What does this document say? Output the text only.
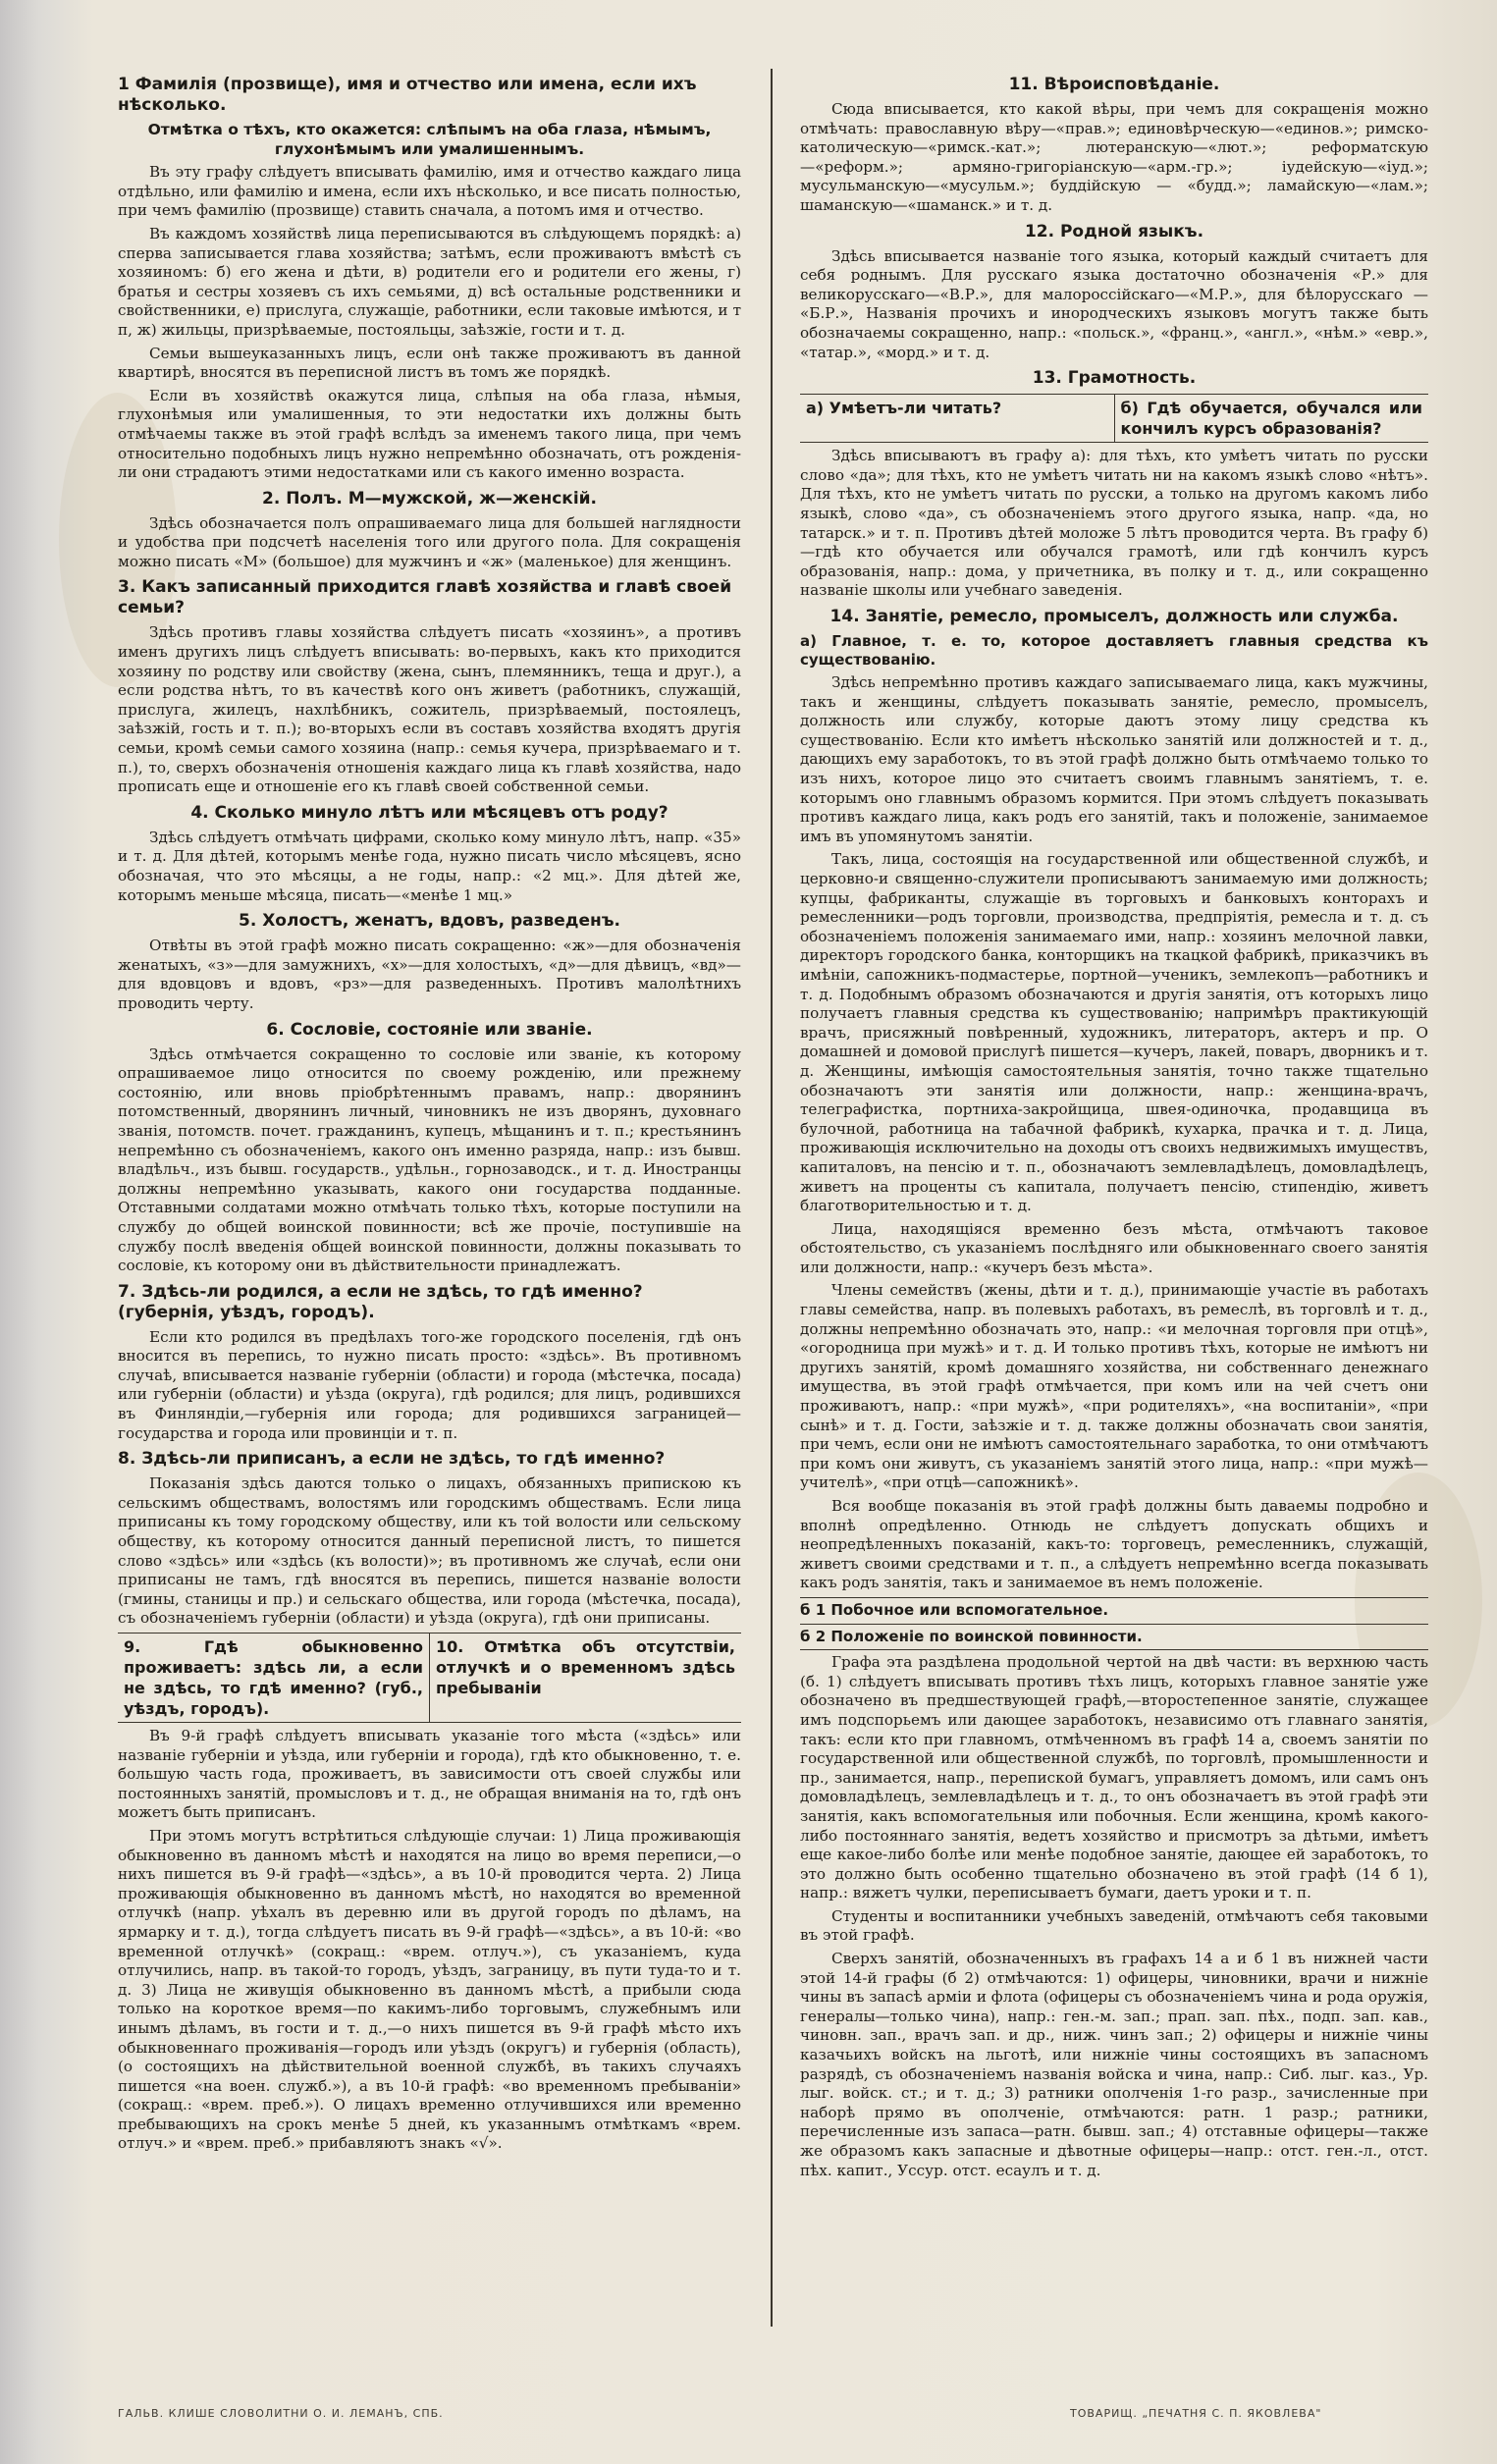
1 Фамилія (прозвище), имя и отчество или имена, если ихъ нѣсколько.

Отмѣтка о тѣхъ, кто окажется: слѣпымъ на оба глаза, нѣмымъ, глухонѣмымъ или умалишеннымъ.

Въ эту графу слѣдуетъ вписывать фамилію, имя и отчество каждаго лица отдѣльно, или фамилію и имена, если ихъ нѣсколько, и все писать полностью, при чемъ фамилію (прозвище) ставить сначала, а потомъ имя и отчество.

Въ каждомъ хозяйствѣ лица переписываются въ слѣдующемъ порядкѣ: а) сперва записывается глава хозяйства; затѣмъ, если проживаютъ вмѣстѣ съ хозяиномъ: б) его жена и дѣти, в) родители его и родители его жены, г) братья и сестры хозяевъ съ ихъ семьями, д) всѣ остальные родственники и свойственники, е) прислуга, служащіе, работники, если таковые имѣются, и т п, ж) жильцы, призрѣваемые, постояльцы, заѣзжіе, гости и т. д.

Семьи вышеуказанныхъ лицъ, если онѣ также проживаютъ въ данной квартирѣ, вносятся въ переписной листъ въ томъ же порядкѣ.

Если въ хозяйствѣ окажутся лица, слѣпыя на оба глаза, нѣмыя, глухонѣмыя или умалишенныя, то эти недостатки ихъ должны быть отмѣчаемы также въ этой графѣ вслѣдъ за именемъ такого лица, при чемъ относительно подобныхъ лицъ нужно непремѣнно обозначать, отъ рожденія-ли они страдаютъ этими недостатками или съ какого именно возраста.

2. Полъ. М—мужской, ж—женскій.

Здѣсь обозначается полъ опрашиваемаго лица для большей наглядности и удобства при подсчетѣ населенія того или другого пола. Для сокращенія можно писать «М» (большое) для мужчинъ и «ж» (маленькое) для женщинъ.

3. Какъ записанный приходится главѣ хозяйства и главѣ своей семьи?

Здѣсь противъ главы хозяйства слѣдуетъ писать «хозяинъ», а противъ именъ другихъ лицъ слѣдуетъ вписывать: во-первыхъ, какъ кто приходится хозяину по родству или свойству (жена, сынъ, племянникъ, теща и друг.), а если родства нѣтъ, то въ качествѣ кого онъ живетъ (работникъ, служащій, прислуга, жилецъ, нахлѣбникъ, сожитель, призрѣваемый, постоялецъ, заѣзжій, гость и т. п.); во-вторыхъ если въ составъ хозяйства входятъ другія семьи, кромѣ семьи самого хозяина (напр.: семья кучера, призрѣваемаго и т. п.), то, сверхъ обозначенія отношенія каждаго лица къ главѣ хозяйства, надо прописать еще и отношеніе его къ главѣ своей собственной семьи.

4. Сколько минуло лѣтъ или мѣсяцевъ отъ роду?

Здѣсь слѣдуетъ отмѣчать цифрами, сколько кому минуло лѣтъ, напр. «35» и т. д. Для дѣтей, которымъ менѣе года, нужно писать число мѣсяцевъ, ясно обозначая, что это мѣсяцы, а не годы, напр.: «2 мц.». Для дѣтей же, которымъ меньше мѣсяца, писать—«менѣе 1 мц.»

5. Холостъ, женатъ, вдовъ, разведенъ.

Отвѣты въ этой графѣ можно писать сокращенно: «ж»—для обозначенія женатыхъ, «з»—для замужнихъ, «х»—для холостыхъ, «д»—для дѣвицъ, «вд»—для вдовцовъ и вдовъ, «рз»—для разведенныхъ. Противъ малолѣтнихъ проводить черту.

6. Сословіе, состояніе или званіе.

Здѣсь отмѣчается сокращенно то сословіе или званіе, къ которому опрашиваемое лицо относится по своему рожденію, или прежнему состоянію, или вновь пріобрѣтеннымъ правамъ, напр.: дворянинъ потомственный, дворянинъ личный, чиновникъ не изъ дворянъ, духовнаго званія, потомств. почет. гражданинъ, купецъ, мѣщанинъ и т. п.; крестьянинъ непремѣнно съ обозначеніемъ, какого онъ именно разряда, напр.: изъ бывш. владѣльч., изъ бывш. государств., удѣльн., горнозаводск., и т. д. Иностранцы должны непремѣнно указывать, какого они государства подданные. Отставными солдатами можно отмѣчать только тѣхъ, которые поступили на службу до общей воинской повинности; всѣ же прочіе, поступившіе на службу послѣ введенія общей воинской повинности, должны показывать то сословіе, къ которому они въ дѣйствительности принадлежатъ.

7. Здѣсь-ли родился, а если не здѣсь, то гдѣ именно? (губернія, уѣздъ, городъ).

Если кто родился въ предѣлахъ того-же городского поселенія, гдѣ онъ вносится въ перепись, то нужно писать просто: «здѣсь». Въ противномъ случаѣ, вписывается названіе губерніи (области) и города (мѣстечка, посада) или губерніи (области) и уѣзда (округа), гдѣ родился; для лицъ, родившихся въ Финляндіи,—губернія или города; для родившихся заграницей—государства и города или провинціи и т. п.

8. Здѣсь-ли приписанъ, а если не здѣсь, то гдѣ именно?

Показанія здѣсь даются только о лицахъ, обязанныхъ припискою къ сельскимъ обществамъ, волостямъ или городскимъ обществамъ. Если лица приписаны къ тому городскому обществу, или къ той волости или сельскому обществу, къ которому относится данный переписной листъ, то пишется слово «здѣсь» или «здѣсь (къ волости)»; въ противномъ же случаѣ, если они приписаны не тамъ, гдѣ вносятся въ перепись, пишется названіе волости (гмины, станицы и пр.) и сельскаго общества, или города (мѣстечка, посада), съ обозначеніемъ губерніи (области) и уѣзда (округа), гдѣ они приписаны.

9. Гдѣ обыкновенно проживаетъ: здѣсь ли, а если не здѣсь, то гдѣ именно? (губ., уѣздъ, городъ).
10. Отмѣтка объ отсутствіи, отлучкѣ и о временномъ здѣсь пребываніи

Въ 9-й графѣ слѣдуетъ вписывать указаніе того мѣста («здѣсь» или названіе губерніи и уѣзда, или губерніи и города), гдѣ кто обыкновенно, т. е. большую часть года, проживаетъ, въ зависимости отъ своей службы или постоянныхъ занятій, промысловъ и т. д., не обращая вниманія на то, гдѣ онъ можетъ быть приписанъ.

При этомъ могутъ встрѣтиться слѣдующіе случаи: 1) Лица проживающія обыкновенно въ данномъ мѣстѣ и находятся на лицо во время переписи,—о нихъ пишется въ 9-й графѣ—«здѣсь», а въ 10-й проводится черта. 2) Лица проживающія обыкновенно въ данномъ мѣстѣ, но находятся во временной отлучкѣ (напр. уѣхалъ въ деревню или въ другой городъ по дѣламъ, на ярмарку и т. д.), тогда слѣдуетъ писать въ 9-й графѣ—«здѣсь», а въ 10-й: «во временной отлучкѣ» (сокращ.: «врем. отлуч.»), съ указаніемъ, куда отлучились, напр. въ такой-то городъ, уѣздъ, заграницу, въ пути туда-то и т. д. 3) Лица не живущія обыкновенно въ данномъ мѣстѣ, а прибыли сюда только на короткое время—по какимъ-либо торговымъ, служебнымъ или инымъ дѣламъ, въ гости и т. д.,—о нихъ пишется въ 9-й графѣ мѣсто ихъ обыкновеннаго проживанія—городъ или уѣздъ (округъ) и губернія (область), (о состоящихъ на дѣйствительной военной службѣ, въ такихъ случаяхъ пишется «на воен. служб.»), а въ 10-й графѣ: «во временномъ пребываніи» (сокращ.: «врем. преб.»). О лицахъ временно отлучившихся или временно пребывающихъ на срокъ менѣе 5 дней, къ указаннымъ отмѣткамъ «врем. отлуч.» и «врем. преб.» прибавляютъ знакъ «√».

11. Вѣроисповѣданіе.

Сюда вписывается, кто какой вѣры, при чемъ для сокращенія можно отмѣчать: православную вѣру—«прав.»; единовѣрческую—«единов.»; римско-католическую—«римск.-кат.»; лютеранскую—«лют.»; реформатскую—«реформ.»; армяно-григоріанскую—«арм.-гр.»; іудейскую—«іуд.»; мусульманскую—«мусульм.»; буддійскую — «будд.»; ламайскую—«лам.»; шаманскую—«шаманск.» и т. д.

12. Родной языкъ.

Здѣсь вписывается названіе того языка, который каждый считаетъ для себя роднымъ. Для русскаго языка достаточно обозначенія «Р.» для великорусскаго—«В.Р.», для малороссійскаго—«М.Р.», для бѣлорусскаго — «Б.Р.», Названія прочихъ и инородческихъ языковъ могутъ также быть обозначаемы сокращенно, напр.: «польск.», «франц.», «англ.», «нѣм.» «евр.», «татар.», «морд.» и т. д.

13. Грамотность.
а) Умѣетъ-ли читать?	б) Гдѣ обучается, обучался или кончилъ курсъ образованія?

Здѣсь вписываютъ въ графу а): для тѣхъ, кто умѣетъ читать по русски слово «да»; для тѣхъ, кто не умѣетъ читать ни на какомъ языкѣ слово «нѣтъ». Для тѣхъ, кто не умѣетъ читать по русски, а только на другомъ какомъ либо языкѣ, слово «да», съ обозначеніемъ этого другого языка, напр. «да, но татарск.» и т. п. Противъ дѣтей моложе 5 лѣтъ проводится черта. Въ графу б)—гдѣ кто обучается или обучался грамотѣ, или гдѣ кончилъ курсъ образованія, напр.: дома, у причетника, въ полку и т. д., или сокращенно названіе школы или учебнаго заведенія.

14. Занятіе, ремесло, промыселъ, должность или служба.

а) Главное, т. е. то, которое доставляетъ главныя средства къ существованію.

Здѣсь непремѣнно противъ каждаго записываемаго лица, какъ мужчины, такъ и женщины, слѣдуетъ показывать занятіе, ремесло, промыселъ, должность или службу, которые даютъ этому лицу средства къ существованію. Если кто имѣетъ нѣсколько занятій или должностей и т. д., дающихъ ему заработокъ, то въ этой графѣ должно быть отмѣчаемо только то изъ нихъ, которое лицо это считаетъ своимъ главнымъ занятіемъ, т. е. которымъ оно главнымъ образомъ кормится. При этомъ слѣдуетъ показывать противъ каждаго лица, какъ родъ его занятій, такъ и положеніе, занимаемое имъ въ упомянутомъ занятіи.

Такъ, лица, состоящія на государственной или общественной службѣ, и церковно-и священно-служители прописываютъ занимаемую ими должность; купцы, фабриканты, служащіе въ торговыхъ и банковыхъ конторахъ и ремесленники—родъ торговли, производства, предпріятія, ремесла и т. д. съ обозначеніемъ положенія занимаемаго ими, напр.: хозяинъ мелочной лавки, директоръ городского банка, конторщикъ на ткацкой фабрикѣ, приказчикъ въ имѣніи, сапожникъ-подмастерье, портной—ученикъ, землекопъ—работникъ и т. д. Подобнымъ образомъ обозначаются и другія занятія, отъ которыхъ лицо получаетъ главныя средства къ существованію; напримѣръ практикующій врачъ, присяжный повѣренный, художникъ, литераторъ, актеръ и пр. О домашней и домовой прислугѣ пишется—кучеръ, лакей, поваръ, дворникъ и т. д. Женщины, имѣющія самостоятельныя занятія, точно также тщательно обозначаютъ эти занятія или должности, напр.: женщина-врачъ, телеграфистка, портниха-закройщица, швея-одиночка, продавщица въ булочной, работница на табачной фабрикѣ, кухарка, прачка и т. д. Лица, проживающія исключительно на доходы отъ своихъ недвижимыхъ имуществъ, капиталовъ, на пенсію и т. п., обозначаютъ землевладѣлецъ, домовладѣлецъ, живетъ на проценты съ капитала, получаетъ пенсію, стипендію, живетъ благотворительностью и т. д.

Лица, находящіяся временно безъ мѣста, отмѣчаютъ таковое обстоятельство, съ указаніемъ послѣдняго или обыкновеннаго своего занятія или должности, напр.: «кучеръ безъ мѣста».

Члены семействъ (жены, дѣти и т. д.), принимающіе участіе въ работахъ главы семейства, напр. въ полевыхъ работахъ, въ ремеслѣ, въ торговлѣ и т. д., должны непремѣнно обозначать это, напр.: «и мелочная торговля при отцѣ», «огородница при мужѣ» и т. д. И только противъ тѣхъ, которые не имѣютъ ни другихъ занятій, кромѣ домашняго хозяйства, ни собственнаго денежнаго имущества, въ этой графѣ отмѣчается, при комъ или на чей счетъ они проживаютъ, напр.: «при мужѣ», «при родителяхъ», «на воспитаніи», «при сынѣ» и т. д. Гости, заѣзжіе и т. д. также должны обозначать свои занятія, при чемъ, если они не имѣютъ самостоятельнаго заработка, то они отмѣчаютъ при комъ они живутъ, съ указаніемъ занятій этого лица, напр.: «при мужѣ—учителѣ», «при отцѣ—сапожникѣ».

Вся вообще показанія въ этой графѣ должны быть даваемы подробно и вполнѣ опредѣленно. Отнюдь не слѣдуетъ допускать общихъ и неопредѣленныхъ показаній, какъ-то: торговецъ, ремесленникъ, служащій, живетъ своими средствами и т. п., а слѣдуетъ непремѣнно всегда показывать какъ родъ занятія, такъ и занимаемое въ немъ положеніе.

б 1 Побочное или вспомогательное.

б 2 Положеніе по воинской повинности.

Графа эта раздѣлена продольной чертой на двѣ части: въ верхнюю часть (б. 1) слѣдуетъ вписывать противъ тѣхъ лицъ, которыхъ главное занятіе уже обозначено въ предшествующей графѣ,—второстепенное занятіе, служащее имъ подспорьемъ или дающее заработокъ, независимо отъ главнаго занятія, такъ: если кто при главномъ, отмѣченномъ въ графѣ 14 а, своемъ занятіи по государственной или общественной службѣ, по торговлѣ, промышленности и пр., занимается, напр., перепиской бумагъ, управляетъ домомъ, или самъ онъ домовладѣлецъ, землевладѣлецъ и т. д., то онъ обозначаетъ въ этой графѣ эти занятія, какъ вспомогательныя или побочныя. Если женщина, кромѣ какого-либо постояннаго занятія, ведетъ хозяйство и присмотръ за дѣтьми, имѣетъ еще какое-либо болѣе или менѣе подобное занятіе, дающее ей заработокъ, то это должно быть особенно тщательно обозначено въ этой графѣ (14 б 1), напр.: вяжетъ чулки, переписываетъ бумаги, даетъ уроки и т. п.

Студенты и воспитанники учебныхъ заведеній, отмѣчаютъ себя таковыми въ этой графѣ.

Сверхъ занятій, обозначенныхъ въ графахъ 14 а и б 1 въ нижней части этой 14-й графы (б 2) отмѣчаются: 1) офицеры, чиновники, врачи и нижніе чины въ запасѣ арміи и флота (офицеры съ обозначеніемъ чина и рода оружія, генералы—только чина), напр.: ген.-м. зап.; прап. зап. пѣх., подп. зап. кав., чиновн. зап., врачъ зап. и др., ниж. чинъ зап.; 2) офицеры и нижніе чины казачьихъ войскъ на льготѣ, или нижніе чины состоящихъ въ запасномъ разрядѣ, съ обозначеніемъ названія войска и чина, напр.: Сиб. лыг. каз., Ур. лыг. войск. ст.; и т. д.; 3) ратники ополченія 1-го разр., зачисленные при наборѣ прямо въ ополченіе, отмѣчаются: ратн. 1 разр.; ратники, перечисленные изъ запаса—ратн. бывш. зап.; 4) отставные офицеры—также же образомъ какъ запасные и дѣвотные офицеры—напр.: отст. ген.-л., отст. пѣх. капит., Уссур. отст. есаулъ и т. д.

ГАЛЬВ. КЛИШЕ СЛОВОЛИТНИ О. И. ЛЕМАНЪ, СПБ.	ТОВАРИЩ. „ПЕЧАТНЯ С. П. ЯКОВЛЕВА"
